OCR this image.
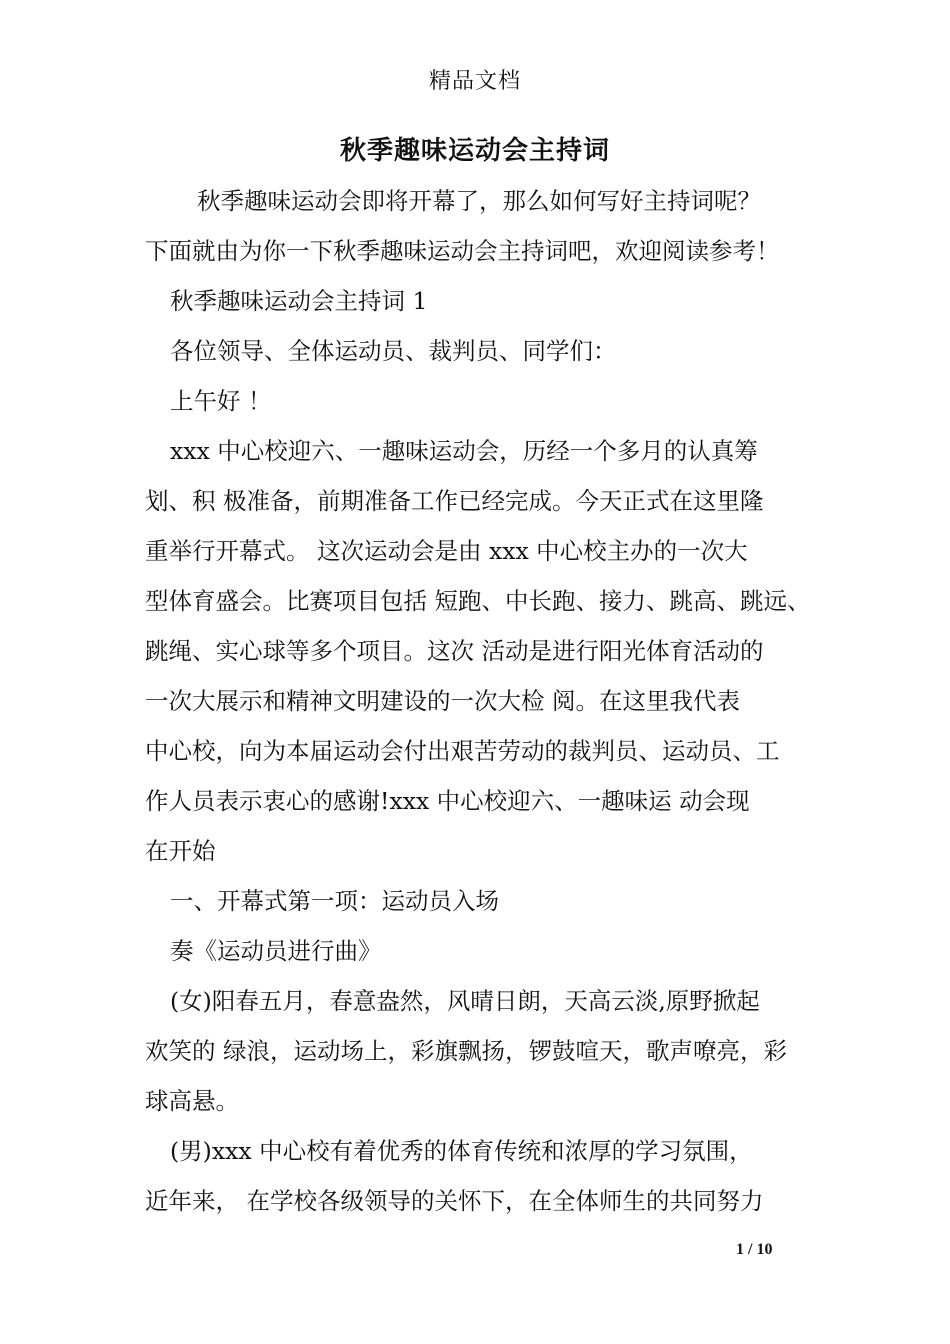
精品文档
秋季趣味运动会主持词
秋季趣味运动会即将开幕了，那么如何写好主持词呢？
下面就由为你一下秋季趣味运动会主持词吧，欢迎阅读参考！
秋季趣味运动会主持词 1
各位领导、全体运动员、裁判员、同学们：
上午好 ！
xxx 中心校迎六、一趣味运动会，历经一个多月的认真筹
划、积 极准备，前期准备工作已经完成。今天正式在这里隆
重举行开幕式。 这次运动会是由 xxx 中心校主办的一次大
型体育盛会。比赛项目包括 短跑、中长跑、接力、跳高、跳远、
跳绳、实心球等多个项目。这次 活动是进行阳光体育活动的
一次大展示和精神文明建设的一次大检 阅。在这里我代表
中心校，向为本届运动会付出艰苦劳动的裁判员、运动员、工
作人员表示衷心的感谢!xxx 中心校迎六、一趣味运 动会现
在开始
一、开幕式第一项：运动员入场
奏《运动员进行曲》
(女)阳春五月，春意盎然，风晴日朗，天高云淡,原野掀起
欢笑的 绿浪，运动场上，彩旗飘扬，锣鼓喧天，歌声嘹亮，彩
球高悬。
(男)xxx 中心校有着优秀的体育传统和浓厚的学习氛围，
近年来， 在学校各级领导的关怀下，在全体师生的共同努力
1 / 10
